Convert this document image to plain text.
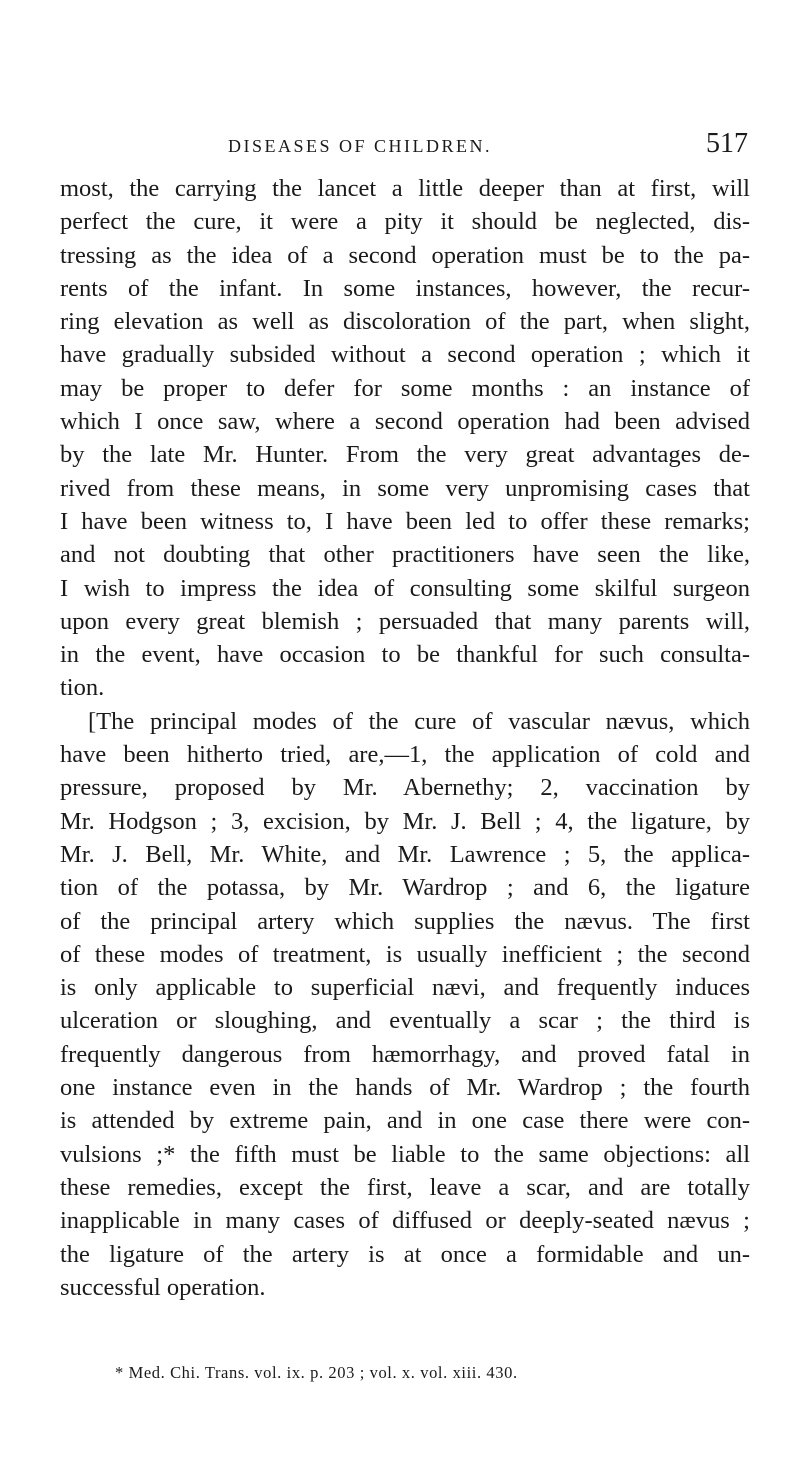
DISEASES OF CHILDREN.	517
most, the carrying the lancet a little deeper than at first, will
perfect the cure, it were a pity it should be neglected, dis-
tressing as the idea of a second operation must be to the pa-
rents of the infant. In some instances, however, the recur-
ring elevation as well as discoloration of the part, when slight,
have gradually subsided without a second operation ; which it
may be proper to defer for some months : an instance of
which I once saw, where a second operation had been advised
by the late Mr. Hunter. From the very great advantages de-
rived from these means, in some very unpromising cases that
I have been witness to, I have been led to offer these remarks;
and not doubting that other practitioners have seen the like,
I wish to impress the idea of consulting some skilful surgeon
upon every great blemish ; persuaded that many parents will,
in the event, have occasion to be thankful for such consulta-
tion.
[The principal modes of the cure of vascular nævus, which
have been hitherto tried, are,—1, the application of cold and
pressure, proposed by Mr. Abernethy; 2, vaccination by
Mr. Hodgson ; 3, excision, by Mr. J. Bell ; 4, the ligature, by
Mr. J. Bell, Mr. White, and Mr. Lawrence ; 5, the applica-
tion of the potassa, by Mr. Wardrop ; and 6, the ligature
of the principal artery which supplies the nævus. The first
of these modes of treatment, is usually inefficient ; the second
is only applicable to superficial nævi, and frequently induces
ulceration or sloughing, and eventually a scar ; the third is
frequently dangerous from hæmorrhagy, and proved fatal in
one instance even in the hands of Mr. Wardrop ; the fourth
is attended by extreme pain, and in one case there were con-
vulsions ;* the fifth must be liable to the same objections: all
these remedies, except the first, leave a scar, and are totally
inapplicable in many cases of diffused or deeply-seated nævus ;
the ligature of the artery is at once a formidable and un-
successful operation.
* Med. Chi. Trans. vol. ix. p. 203 ; vol. x. vol. xiii. 430.
